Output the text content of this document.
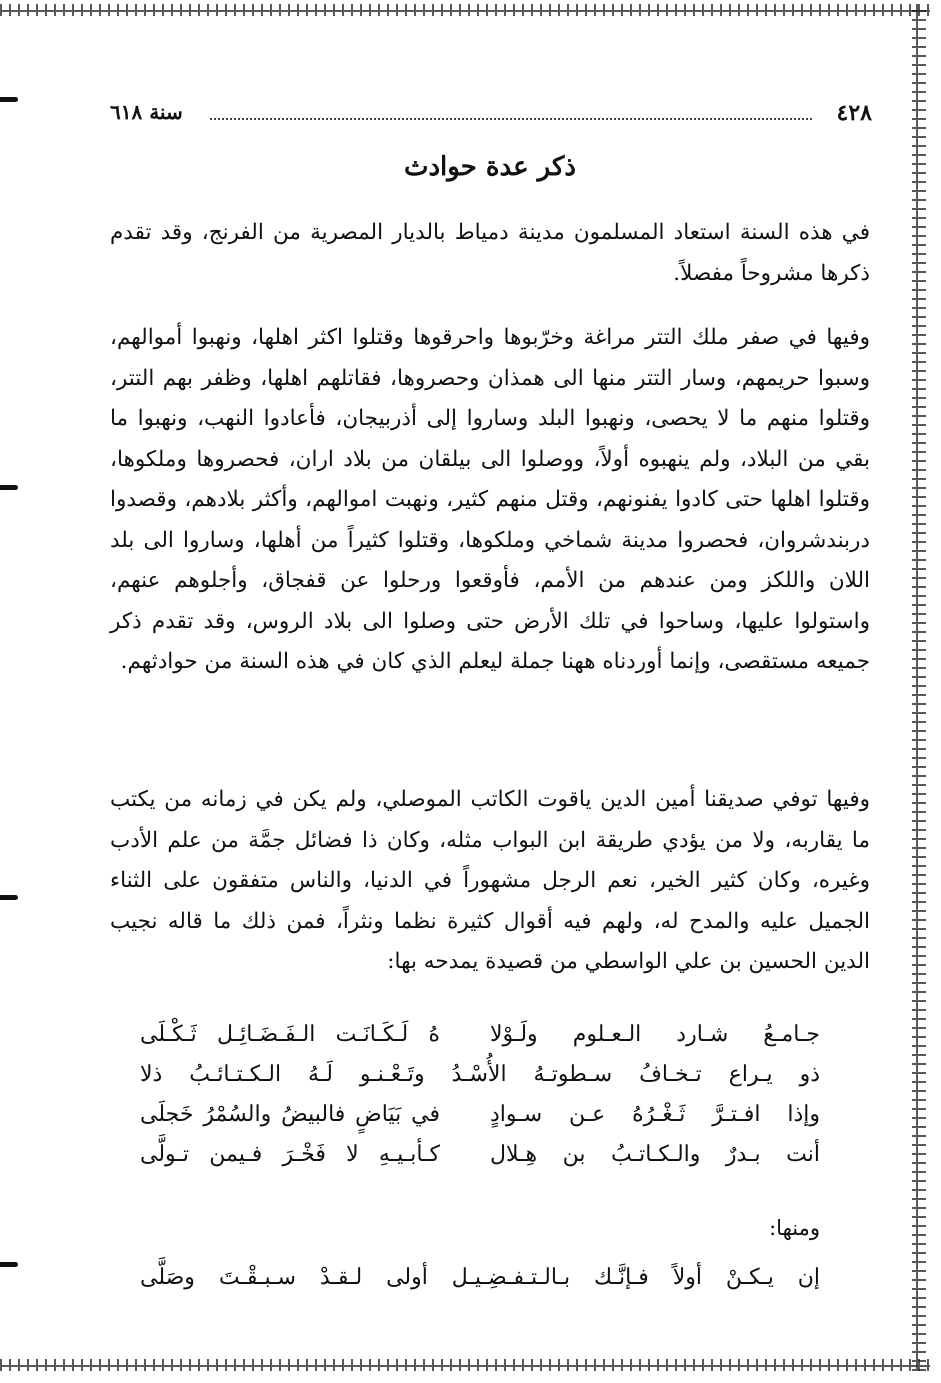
٤٢٨
سنة ٦١٨
ذكر عدة حوادث
في هذه السنة استعاد المسلمون مدينة دمياط بالديار المصرية من الفرنج، وقد تقدم ذكرها مشروحاً مفصلاً.
وفيها في صفر ملك التتر مراغة وخرّبوها واحرقوها وقتلوا اكثر اهلها، ونهبوا أموالهم، وسبوا حريمهم، وسار التتر منها الى همذان وحصروها، فقاتلهم اهلها، وظفر بهم التتر، وقتلوا منهم ما لا يحصى، ونهبوا البلد وساروا إلى أذربيجان، فأعادوا النهب، ونهبوا ما بقي من البلاد، ولم ينهبوه أولاً، ووصلوا الى بيلقان من بلاد اران، فحصروها وملكوها، وقتلوا اهلها حتى كادوا يفنونهم، وقتل منهم كثير، ونهبت اموالهم، وأكثر بلادهم، وقصدوا دربندشروان، فحصروا مدينة شماخي وملكوها، وقتلوا كثيراً من أهلها، وساروا الى بلد اللان واللكز ومن عندهم من الأمم، فأوقعوا ورحلوا عن قفجاق، وأجلوهم عنهم، واستولوا عليها، وساحوا في تلك الأرض حتى وصلوا الى بلاد الروس، وقد تقدم ذكر جميعه مستقصى، وإنما أوردناه ههنا جملة ليعلم الذي كان في هذه السنة من حوادثهم.
وفيها توفي صديقنا أمين الدين ياقوت الكاتب الموصلي، ولم يكن في زمانه من يكتب ما يقاربه، ولا من يؤدي طريقة ابن البواب مثله، وكان ذا فضائل جمَّة من علم الأدب وغيره، وكان كثير الخير، نعم الرجل مشهوراً في الدنيا، والناس متفقون على الثناء الجميل عليه والمدح له، ولهم فيه أقوال كثيرة نظما ونثراً، فمن ذلك ما قاله نجيب الدين الحسين بن علي الواسطي من قصيدة يمدحه بها:
جـامـعُ شـارد الـعـلوم ولَـوْلا
هُ لَـكَـانَـت الـفَـضَـائِـل ثَـكْـلَى
ذو يـراع تـخـافُ سـطوتـهُ الأُسْـدُ وتَـعْـنـو لَـهُ الـكـتـائـبُ ذلا
وإذا افـتـرَّ ثَـغْـرُهُ عـن سـوادٍ
في بَيَاضٍ فالبيضُ والسُمْرُ خَجلَى
أنت بـدرٌ والـكـاتـبُ بن هِـلال
كـأبـيـهِ لا فَخْـرَ فـيمن تـولَّى
ومنها:
إن يـكـنْ أولاً فـإنَّـك بـالـتـفـضِـيـل أولى لـقـدْ سـبـقْـتَ وصَلَّى
